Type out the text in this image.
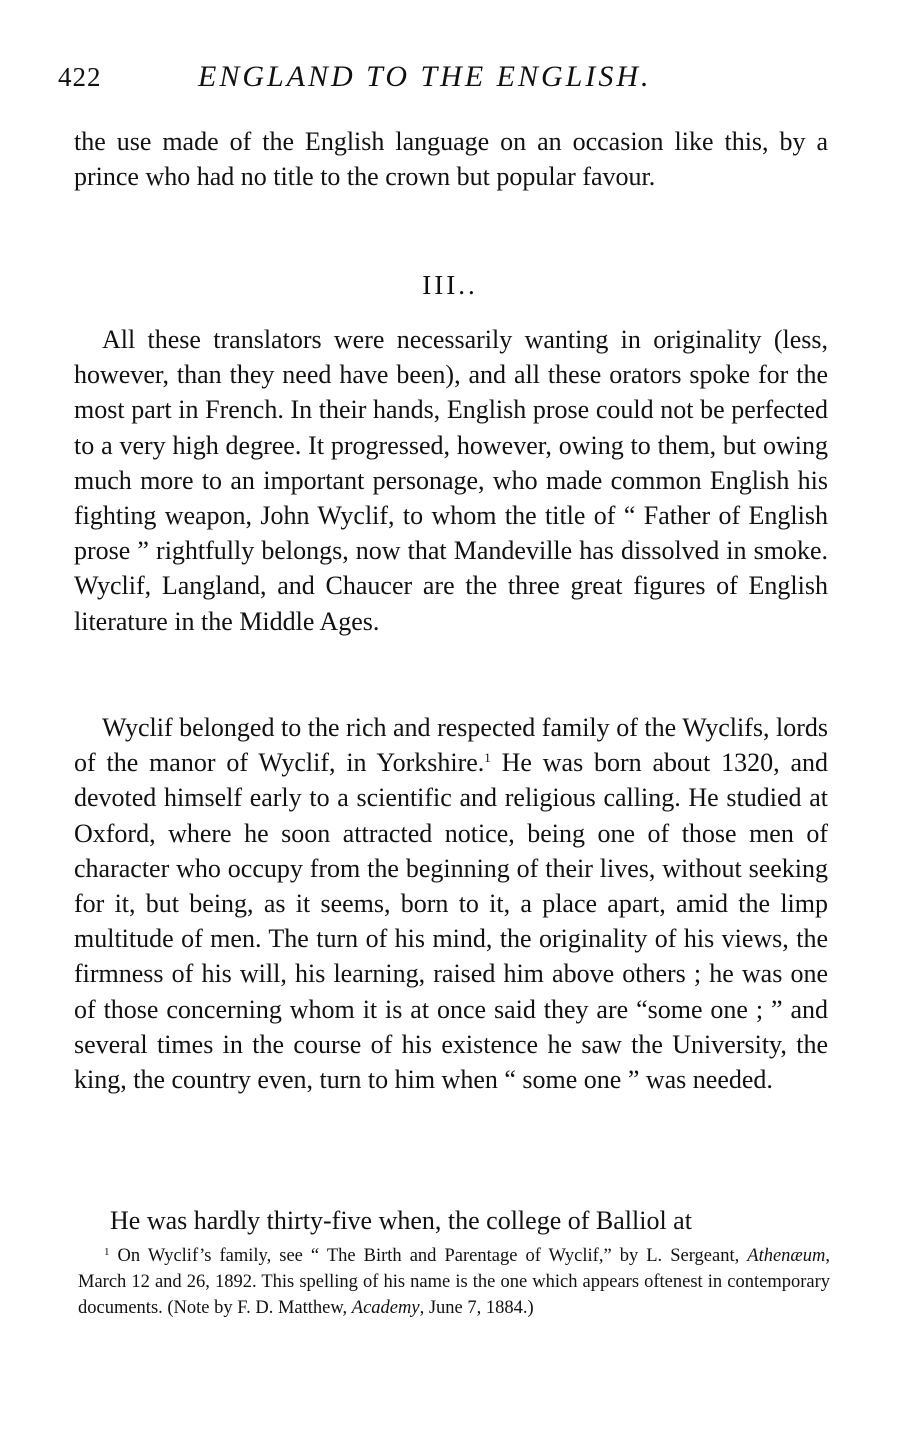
422	ENGLAND TO THE ENGLISH.

the use made of the English language on an occasion like this, by a prince who had no title to the crown but popular favour.

III..

All these translators were necessarily wanting in originality (less, however, than they need have been), and all these orators spoke for the most part in French. In their hands, English prose could not be perfected to a very high degree. It progressed, however, owing to them, but owing much more to an important personage, who made common English his fighting weapon, John Wyclif, to whom the title of “ Father of English prose ” rightfully belongs, now that Mandeville has dissolved in smoke. Wyclif, Langland, and Chaucer are the three great figures of English literature in the Middle Ages.

Wyclif belonged to the rich and respected family of the Wyclifs, lords of the manor of Wyclif, in Yorkshire.$^1$ He was born about 1320, and devoted himself early to a scientific and religious calling. He studied at Oxford, where he soon attracted notice, being one of those men of character who occupy from the beginning of their lives, without seeking for it, but being, as it seems, born to it, a place apart, amid the limp multitude of men. The turn of his mind, the originality of his views, the firmness of his will, his learning, raised him above others ; he was one of those concerning whom it is at once said they are “some one ; ” and several times in the course of his existence he saw the University, the king, the country even, turn to him when “ some one ” was needed.

He was hardly thirty-five when, the college of Balliol at

$^1$ On Wyclif’s family, see “ The Birth and Parentage of Wyclif,” by L. Sergeant, Athenæum, March 12 and 26, 1892. This spelling of his name is the one which appears oftenest in contemporary documents. (Note by F. D. Matthew, Academy, June 7, 1884.)
